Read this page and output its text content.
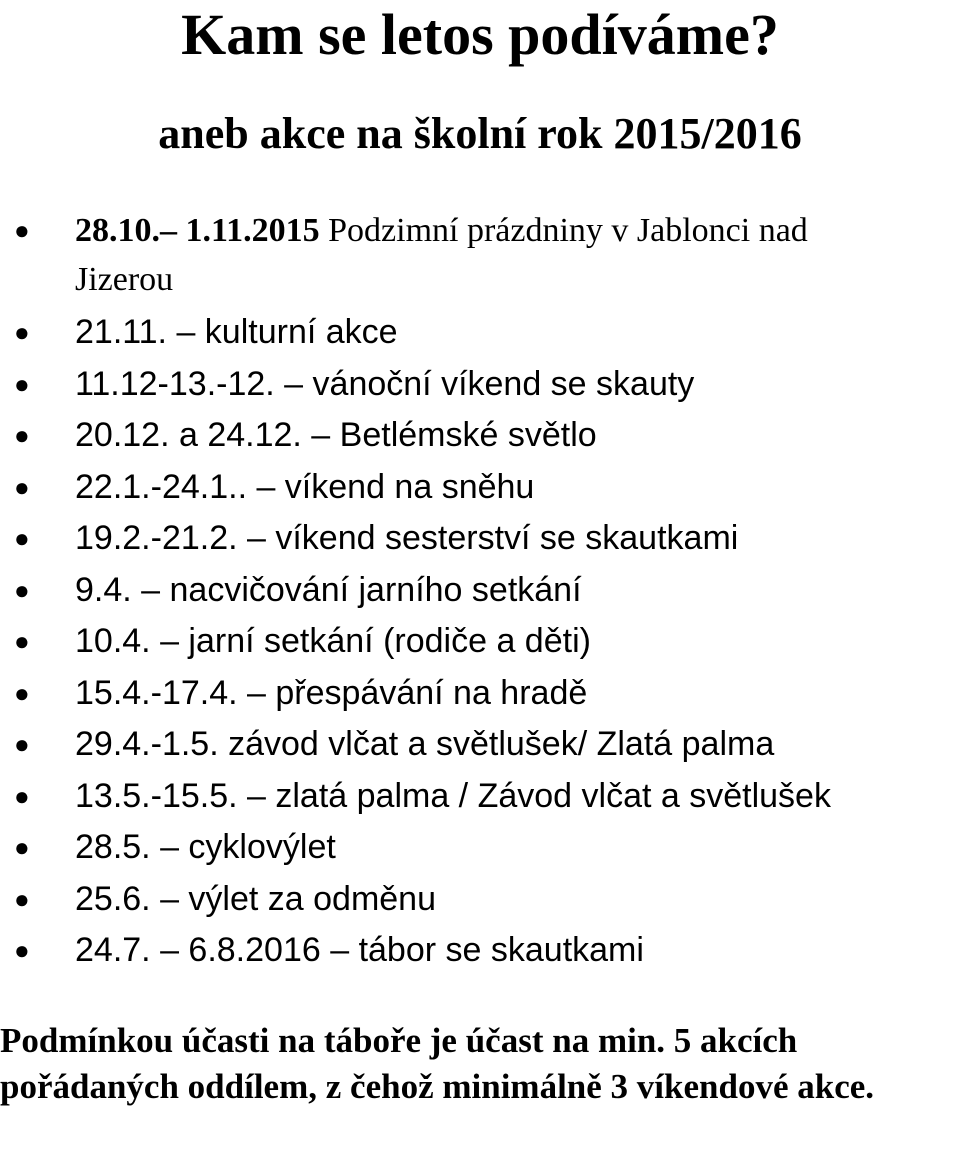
Kam se letos podíváme?
aneb akce na školní rok 2015/2016
● 28.10.– 1.11.2015 Podzimní prázdniny v Jablonci nad Jizerou
● 21.11. – kulturní akce
● 11.12-13.-12. – vánoční víkend se skauty
● 20.12. a 24.12. – Betlémské světlo
● 22.1.-24.1.. – víkend na sněhu
● 19.2.-21.2. – víkend sesterství se skautkami
● 9.4. – nacvičování jarního setkání
● 10.4. – jarní setkání (rodiče a děti)
● 15.4.-17.4. – přespávání na hradě
● 29.4.-1.5. závod vlčat a světlušek/ Zlatá palma
● 13.5.-15.5. – zlatá palma / Závod vlčat a světlušek
● 28.5. – cyklovýlet
● 25.6. – výlet za odměnu
● 24.7. – 6.8.2016 – tábor se skautkami

Podmínkou účasti na táboře je účast na min. 5 akcích pořádaných oddílem, z čehož minimálně 3 víkendové akce.
